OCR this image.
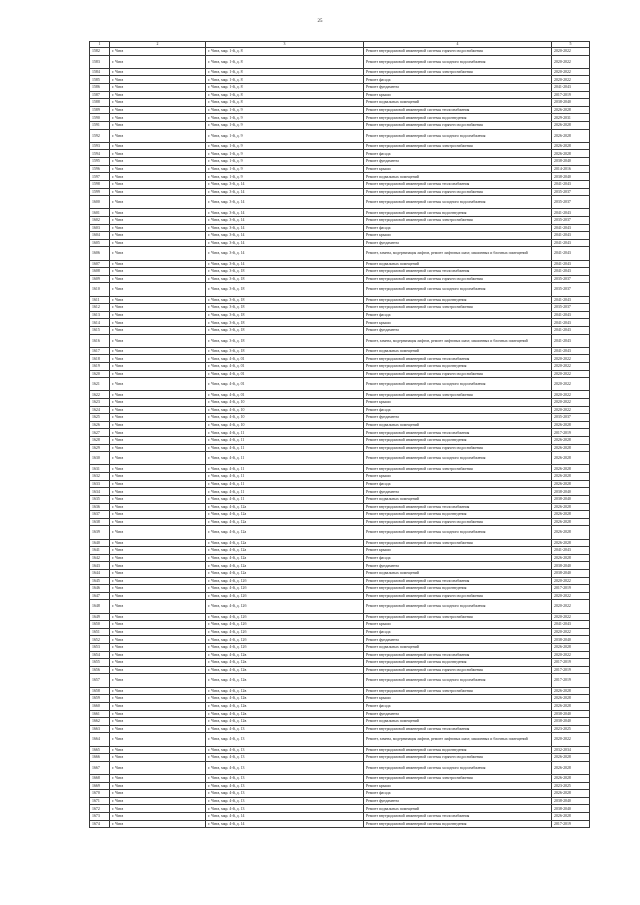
25
1	2	3	4	5
1582	г. Чита	г. Чита, мкр. 1-й, д. 8	Ремонт внутридомовой инженерной системы горячего водоснабжения	2020-2022
1583	г. Чита	г. Чита, мкр. 1-й, д. 8	Ремонт внутридомовой инженерной системы холодного водоснабжения	2020-2022
1584	г. Чита	г. Чита, мкр. 1-й, д. 8	Ремонт внутридомовой инженерной системы электроснабжения	2020-2022
1585	г. Чита	г. Чита, мкр. 1-й, д. 8	Ремонт фасада	2020-2022
1586	г. Чита	г. Чита, мкр. 1-й, д. 8	Ремонт фундамента	2041-2043
1587	г. Чита	г. Чита, мкр. 1-й, д. 8	Ремонт крыши	2017-2019
1588	г. Чита	г. Чита, мкр. 1-й, д. 8	Ремонт подвальных помещений	2038-2040
1589	г. Чита	г. Чита, мкр. 1-й, д. 9	Ремонт внутридомовой инженерной системы теплоснабжения	2026-2028
1590	г. Чита	г. Чита, мкр. 1-й, д. 9	Ремонт внутридомовой инженерной системы водоотведения	2029-2031
1591	г. Чита	г. Чита, мкр. 1-й, д. 9	Ремонт внутридомовой инженерной системы горячего водоснабжения	2026-2028
1592	г. Чита	г. Чита, мкр. 1-й, д. 9	Ремонт внутридомовой инженерной системы холодного водоснабжения	2026-2028
1593	г. Чита	г. Чита, мкр. 1-й, д. 9	Ремонт внутридомовой инженерной системы электроснабжения	2026-2028
1594	г. Чита	г. Чита, мкр. 1-й, д. 9	Ремонт фасада	2026-2028
1595	г. Чита	г. Чита, мкр. 1-й, д. 9	Ремонт фундамента	2038-2040
1596	г. Чита	г. Чита, мкр. 1-й, д. 9	Ремонт крыши	2014-2016
1597	г. Чита	г. Чита, мкр. 1-й, д. 9	Ремонт подвальных помещений	2038-2040
1598	г. Чита	г. Чита, мкр. 3-й, д. 14	Ремонт внутридомовой инженерной системы теплоснабжения	2041-2043
1599	г. Чита	г. Чита, мкр. 3-й, д. 14	Ремонт внутридомовой инженерной системы горячего водоснабжения	2035-2037
1600	г. Чита	г. Чита, мкр. 3-й, д. 14	Ремонт внутридомовой инженерной системы холодного водоснабжения	2035-2037
1601	г. Чита	г. Чита, мкр. 3-й, д. 14	Ремонт внутридомовой инженерной системы водоотведения	2041-2043
1602	г. Чита	г. Чита, мкр. 3-й, д. 14	Ремонт внутридомовой инженерной системы электроснабжения	2035-2037
1603	г. Чита	г. Чита, мкр. 3-й, д. 14	Ремонт фасада	2041-2043
1604	г. Чита	г. Чита, мкр. 3-й, д. 14	Ремонт крыши	2041-2043
1605	г. Чита	г. Чита, мкр. 3-й, д. 14	Ремонт фундамента	2041-2043
1606	г. Чита	г. Чита, мкр. 3-й, д. 14	Ремонт, замена, модернизация лифтов, ремонт лифтовых шахт, машинных и блочных помещений	2041-2043
1607	г. Чита	г. Чита, мкр. 3-й, д. 14	Ремонт подвальных помещений	2041-2043
1608	г. Чита	г. Чита, мкр. 3-й, д. 18	Ремонт внутридомовой инженерной системы теплоснабжения	2041-2043
1609	г. Чита	г. Чита, мкр. 3-й, д. 18	Ремонт внутридомовой инженерной системы горячего водоснабжения	2035-2037
1610	г. Чита	г. Чита, мкр. 3-й, д. 18	Ремонт внутридомовой инженерной системы холодного водоснабжения	2035-2037
1611	г. Чита	г. Чита, мкр. 3-й, д. 18	Ремонт внутридомовой инженерной системы водоотведения	2041-2043
1612	г. Чита	г. Чита, мкр. 3-й, д. 18	Ремонт внутридомовой инженерной системы электроснабжения	2035-2037
1613	г. Чита	г. Чита, мкр. 3-й, д. 18	Ремонт фасада	2041-2043
1614	г. Чита	г. Чита, мкр. 3-й, д. 18	Ремонт крыши	2041-2043
1615	г. Чита	г. Чита, мкр. 3-й, д. 18	Ремонт фундамента	2041-2043
1616	г. Чита	г. Чита, мкр. 3-й, д. 18	Ремонт, замена, модернизация лифтов, ремонт лифтовых шахт, машинных и блочных помещений	2041-2043
1617	г. Чита	г. Чита, мкр. 3-й, д. 18	Ремонт подвальных помещений	2041-2043
1618	г. Чита	г. Чита, мкр. 4-й, д. 01	Ремонт внутридомовой инженерной системы теплоснабжения	2020-2022
1619	г. Чита	г. Чита, мкр. 4-й, д. 01	Ремонт внутридомовой инженерной системы водоотведения	2020-2022
1620	г. Чита	г. Чита, мкр. 4-й, д. 01	Ремонт внутридомовой инженерной системы горячего водоснабжения	2020-2022
1621	г. Чита	г. Чита, мкр. 4-й, д. 01	Ремонт внутридомовой инженерной системы холодного водоснабжения	2020-2022
1622	г. Чита	г. Чита, мкр. 4-й, д. 01	Ремонт внутридомовой инженерной системы электроснабжения	2020-2022
1623	г. Чита	г. Чита, мкр. 4-й, д. 10	Ремонт крыши	2020-2022
1624	г. Чита	г. Чита, мкр. 4-й, д. 10	Ремонт фасада	2020-2022
1625	г. Чита	г. Чита, мкр. 4-й, д. 10	Ремонт фундамента	2035-2037
1626	г. Чита	г. Чита, мкр. 4-й, д. 10	Ремонт подвальных помещений	2026-2028
1627	г. Чита	г. Чита, мкр. 4-й, д. 11	Ремонт внутридомовой инженерной системы теплоснабжения	2017-2019
1628	г. Чита	г. Чита, мкр. 4-й, д. 11	Ремонт внутридомовой инженерной системы водоотведения	2026-2028
1629	г. Чита	г. Чита, мкр. 4-й, д. 11	Ремонт внутридомовой инженерной системы горячего водоснабжения	2026-2028
1630	г. Чита	г. Чита, мкр. 4-й, д. 11	Ремонт внутридомовой инженерной системы холодного водоснабжения	2026-2028
1631	г. Чита	г. Чита, мкр. 4-й, д. 11	Ремонт внутридомовой инженерной системы электроснабжения	2026-2028
1632	г. Чита	г. Чита, мкр. 4-й, д. 11	Ремонт крыши	2026-2028
1633	г. Чита	г. Чита, мкр. 4-й, д. 11	Ремонт фасада	2026-2028
1634	г. Чита	г. Чита, мкр. 4-й, д. 11	Ремонт фундамента	2038-2040
1635	г. Чита	г. Чита, мкр. 4-й, д. 11	Ремонт подвальных помещений	2038-2040
1636	г. Чита	г. Чита, мкр. 4-й, д. 12а	Ремонт внутридомовой инженерной системы теплоснабжения	2026-2028
1637	г. Чита	г. Чита, мкр. 4-й, д. 12а	Ремонт внутридомовой инженерной системы водоотведения	2026-2028
1638	г. Чита	г. Чита, мкр. 4-й, д. 12а	Ремонт внутридомовой инженерной системы горячего водоснабжения	2026-2028
1639	г. Чита	г. Чита, мкр. 4-й, д. 12а	Ремонт внутридомовой инженерной системы холодного водоснабжения	2026-2028
1640	г. Чита	г. Чита, мкр. 4-й, д. 12а	Ремонт внутридомовой инженерной системы электроснабжения	2026-2028
1641	г. Чита	г. Чита, мкр. 4-й, д. 12а	Ремонт крыши	2041-2043
1642	г. Чита	г. Чита, мкр. 4-й, д. 12а	Ремонт фасада	2026-2028
1643	г. Чита	г. Чита, мкр. 4-й, д. 12а	Ремонт фундамента	2038-2040
1644	г. Чита	г. Чита, мкр. 4-й, д. 12а	Ремонт подвальных помещений	2038-2040
1645	г. Чита	г. Чита, мкр. 4-й, д. 12б	Ремонт внутридомовой инженерной системы теплоснабжения	2020-2022
1646	г. Чита	г. Чита, мкр. 4-й, д. 12б	Ремонт внутридомовой инженерной системы водоотведения	2017-2019
1647	г. Чита	г. Чита, мкр. 4-й, д. 12б	Ремонт внутридомовой инженерной системы горячего водоснабжения	2020-2022
1648	г. Чита	г. Чита, мкр. 4-й, д. 12б	Ремонт внутридомовой инженерной системы холодного водоснабжения	2020-2022
1649	г. Чита	г. Чита, мкр. 4-й, д. 12б	Ремонт внутридомовой инженерной системы электроснабжения	2020-2022
1650	г. Чита	г. Чита, мкр. 4-й, д. 12б	Ремонт крыши	2041-2043
1651	г. Чита	г. Чита, мкр. 4-й, д. 12б	Ремонт фасада	2020-2022
1652	г. Чита	г. Чита, мкр. 4-й, д. 12б	Ремонт фундамента	2038-2040
1653	г. Чита	г. Чита, мкр. 4-й, д. 12б	Ремонт подвальных помещений	2026-2028
1654	г. Чита	г. Чита, мкр. 4-й, д. 12в	Ремонт внутридомовой инженерной системы теплоснабжения	2020-2022
1655	г. Чита	г. Чита, мкр. 4-й, д. 12в	Ремонт внутридомовой инженерной системы водоотведения	2017-2019
1656	г. Чита	г. Чита, мкр. 4-й, д. 12в	Ремонт внутридомовой инженерной системы горячего водоснабжения	2017-2019
1657	г. Чита	г. Чита, мкр. 4-й, д. 12в	Ремонт внутридомовой инженерной системы холодного водоснабжения	2017-2019
1658	г. Чита	г. Чита, мкр. 4-й, д. 12в	Ремонт внутридомовой инженерной системы электроснабжения	2026-2028
1659	г. Чита	г. Чита, мкр. 4-й, д. 12в	Ремонт крыши	2026-2028
1660	г. Чита	г. Чита, мкр. 4-й, д. 12в	Ремонт фасада	2026-2028
1661	г. Чита	г. Чита, мкр. 4-й, д. 12в	Ремонт фундамента	2038-2040
1662	г. Чита	г. Чита, мкр. 4-й, д. 12в	Ремонт подвальных помещений	2038-2040
1663	г. Чита	г. Чита, мкр. 4-й, д. 13	Ремонт внутридомовой инженерной системы теплоснабжения	2023-2025
1664	г. Чита	г. Чита, мкр. 4-й, д. 13	Ремонт, замена, модернизация лифтов, ремонт лифтовых шахт, машинных и блочных помещений	2020-2022
1665	г. Чита	г. Чита, мкр. 4-й, д. 13	Ремонт внутридомовой инженерной системы водоотведения	2032-2034
1666	г. Чита	г. Чита, мкр. 4-й, д. 13	Ремонт внутридомовой инженерной системы горячего водоснабжения	2026-2028
1667	г. Чита	г. Чита, мкр. 4-й, д. 13	Ремонт внутридомовой инженерной системы холодного водоснабжения	2026-2028
1668	г. Чита	г. Чита, мкр. 4-й, д. 13	Ремонт внутридомовой инженерной системы электроснабжения	2026-2028
1669	г. Чита	г. Чита, мкр. 4-й, д. 13	Ремонт крыши	2023-2025
1670	г. Чита	г. Чита, мкр. 4-й, д. 13	Ремонт фасада	2026-2028
1671	г. Чита	г. Чита, мкр. 4-й, д. 13	Ремонт фундамента	2038-2040
1672	г. Чита	г. Чита, мкр. 4-й, д. 13	Ремонт подвальных помещений	2038-2040
1673	г. Чита	г. Чита, мкр. 4-й, д. 14	Ремонт внутридомовой инженерной системы теплоснабжения	2026-2028
1674	г. Чита	г. Чита, мкр. 4-й, д. 14	Ремонт внутридомовой инженерной системы водоотведения	2017-2019
